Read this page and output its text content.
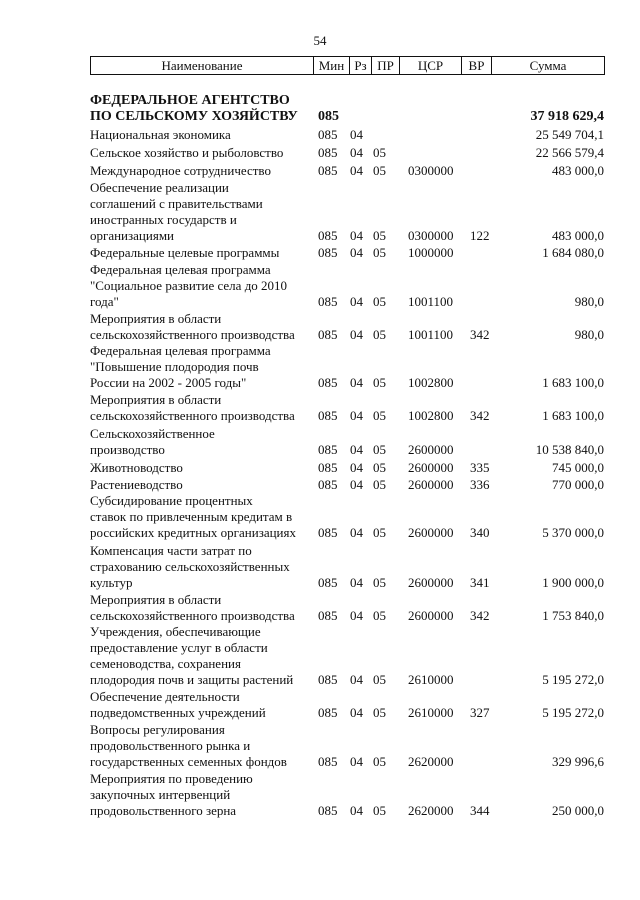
54
Наименование	Мин Рз ПР	ЦСР	ВР	Сумма
ФЕДЕРАЛЬНОЕ АГЕНТСТВО
ПО СЕЛЬСКОМУ ХОЗЯЙСТВУ	085	37 918 629,4
Национальная экономика	085 04	25 549 704,1
Сельское хозяйство и рыболовство	085 04 05	22 566 579,4
Международное сотрудничество	085 04 05 0300000	483 000,0
Обеспечение реализации
соглашений с правительствами
иностранных государств и
организациями	085 04 05 0300000 122	483 000,0
Федеральные целевые программы	085 04 05 1000000	1 684 080,0
Федеральная целевая программа
"Социальное развитие села до 2010
года"	085 04 05 1001100	980,0
Мероприятия в области
сельскохозяйственного производства	085 04 05 1001100 342	980,0
Федеральная целевая программа
"Повышение плодородия почв
России на 2002 - 2005 годы"	085 04 05 1002800	1 683 100,0
Мероприятия в области
сельскохозяйственного производства	085 04 05 1002800 342	1 683 100,0
Сельскохозяйственное
производство	085 04 05 2600000	10 538 840,0
Животноводство	085 04 05 2600000 335	745 000,0
Растениеводство	085 04 05 2600000 336	770 000,0
Субсидирование процентных
ставок по привлеченным кредитам в
российских кредитных организациях	085 04 05 2600000 340	5 370 000,0
Компенсация части затрат по
страхованию сельскохозяйственных
культур	085 04 05 2600000 341	1 900 000,0
Мероприятия в области
сельскохозяйственного производства	085 04 05 2600000 342	1 753 840,0
Учреждения, обеспечивающие
предоставление услуг в области
семеноводства, сохранения
плодородия почв и защиты растений	085 04 05 2610000	5 195 272,0
Обеспечение деятельности
подведомственных учреждений	085 04 05 2610000 327	5 195 272,0
Вопросы регулирования
продовольственного рынка и
государственных семенных фондов	085 04 05 2620000	329 996,6
Мероприятия по проведению
закупочных интервенций
продовольственного зерна	085 04 05 2620000 344	250 000,0
